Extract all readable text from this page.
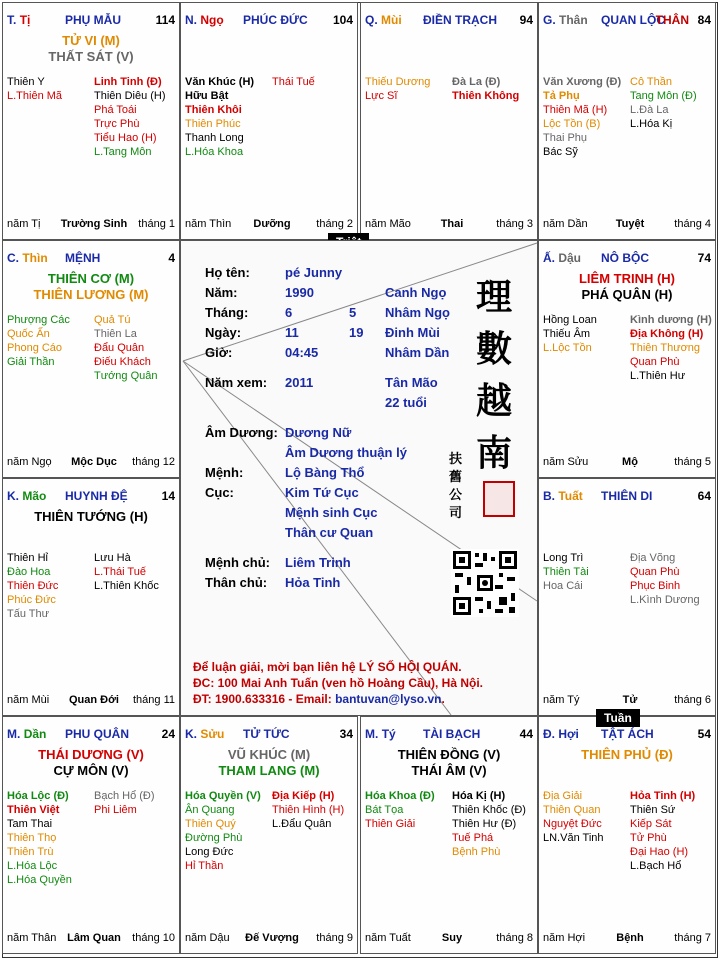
T. Tị	PHỤ MẪU	114
TỬ VI (M)
THẤT SÁT (V)
Thiên Y
L.Thiên Mã
Linh Tinh (Đ)
Thiên Diêu (H)
Phá Toái
Trực Phù
Tiểu Hao (H)
L.Tang Môn
năm Tị Trường Sinh tháng 1
N. Ngọ PHÚC ĐỨC 104
Văn Khúc (H)
Hữu Bật
Thiên Khôi
Thiên Phúc
Thanh Long
L.Hóa Khoa
Thái Tuế
năm Thìn	Dưỡng	tháng 2
Q. Mùi ĐIỀN TRẠCH 94
Thiếu Dương
Lực Sĩ
Đà La (Đ)
Thiên Không
năm Mão	Thai	tháng 3
G. Thân QUAN LỘC
THÂN 84
Văn Xương (Đ)
Tả Phụ
Thiên Mã (H)
Lộc Tồn (B)
Thai Phụ
Bác Sỹ
Cô Thần
Tang Môn (Đ)
L.Đà La
L.Hóa Kị
năm Dần	Tuyệt	tháng 4
C. Thìn MỆNH	4
THIÊN CƠ (M)
THIÊN LƯƠNG (M)
Phượng Các
Quốc Ấn
Phong Cáo
Giải Thần
Quả Tú
Thiên La
Đẩu Quân
Điếu Khách
Tướng Quân
năm Ngọ	Mộc Dục	tháng 12
Ấ. Dậu NÔ BỘC	74
LIÊM TRINH (H)
PHÁ QUÂN (H)
Hồng Loan
Thiếu Âm
L.Lộc Tồn
Kình dương (H)
Địa Không (H)
Thiên Thương
Quan Phù
L.Thiên Hư
năm Sửu	Mộ	tháng 5
K. Mão HUYNH ĐỆ	14
THIÊN TƯỚNG (H)
Thiên Hỉ
Đào Hoa
Thiên Đức
Phúc Đức
Tấu Thư
Lưu Hà
L.Thái Tuế
L.Thiên Khốc
năm Mùi	Quan Đới	tháng 11
B. Tuất THIÊN DI	64
Long Trì
Thiên Tài
Hoa Cái
Địa Võng
Quan Phù
Phục Binh
L.Kình Dương
năm Tý	Tử	tháng 6
M. Dần PHU QUÂN	24
THÁI DƯƠNG (V)
CỰ MÔN (V)
Hóa Lộc (Đ)
Thiên Việt
Tam Thai
Thiên Thọ
Thiên Trù
L.Hóa Lộc
L.Hóa Quyền
Bạch Hổ (Đ)
Phi Liêm
năm Thân Lâm Quan	tháng 10
K. Sửu TỬ TỨC	34
VŨ KHÚC (M)
THAM LANG (M)
Hóa Quyền (V)
Ân Quang
Thiên Quý
Đường Phù
Long Đức
Hỉ Thần
Địa Kiếp (H)
Thiên Hình (H)
L.Đẩu Quân
năm Dậu	Đế Vượng	tháng 9
M. Tý TÀI BẠCH	44
THIÊN ĐỒNG (V)
THÁI ÂM (V)
Hóa Khoa (Đ)
Bát Tọa
Thiên Giải
Hóa Kị (H)
Thiên Khốc (Đ)
Thiên Hư (Đ)
Tuế Phá
Bệnh Phù
năm Tuất	Suy	tháng 8
Đ. Hợi TẬT ÁCH	54
THIÊN PHỦ (Đ)
Địa Giải
Thiên Quan
Nguyệt Đức
LN.Văn Tinh
Hỏa Tinh (H)
Thiên Sứ
Kiếp Sát
Tử Phù
Đại Hao (H)
L.Bạch Hổ
năm Hợi	Bệnh	tháng 7
Tuần
Họ tên:	pé Junny
Năm:	1990	Canh Ngọ
Tháng:	6	5 Nhâm Ngọ
Ngày:	11	19 Đinh Mùi
Giờ:	04:45	Nhâm Dần
Năm xem: 2011	Tân Mão
22 tuổi
Âm Dương: Dương Nữ
Âm Dương thuận lý
Mệnh:	Lộ Bàng Thổ
Cục:	Kim Tứ Cục
Mệnh sinh Cục
Thân cư Quan
Mệnh chủ: Liêm Trinh
Thân chủ: Hỏa Tinh
理
數
越
南
扶
舊
公
司
Để luận giải, mời bạn liên hệ LÝ SỐ HỘI QUÁN.
ĐC: 100 Mai Anh Tuấn (ven hồ Hoàng Cầu), Hà Nội.
ĐT: 1900.633316 - Email: bantuvan@lyso.vn.
